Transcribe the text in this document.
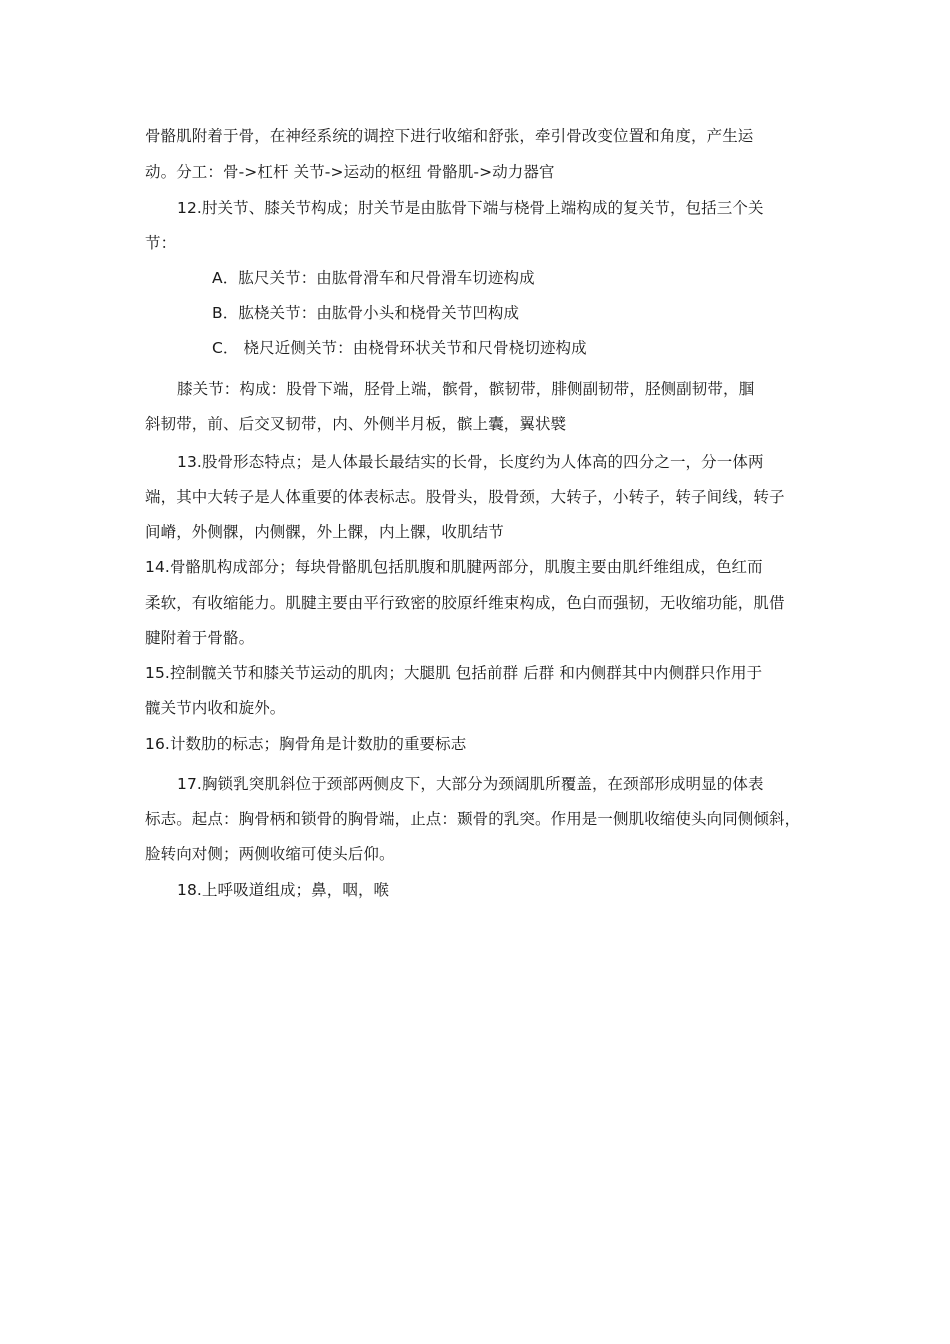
骨骼肌附着于骨，在神经系统的调控下进行收缩和舒张，牵引骨改变位置和角度，产生运
动。分工：骨->杠杆 关节->运动的枢纽 骨骼肌->动力器官
12.肘关节、膝关节构成；肘关节是由肱骨下端与桡骨上端构成的复关节，包括三个关
节：
A．肱尺关节：由肱骨滑车和尺骨滑车切迹构成
B．肱桡关节：由肱骨小头和桡骨关节凹构成
C． 桡尺近侧关节：由桡骨环状关节和尺骨桡切迹构成
膝关节：构成：股骨下端，胫骨上端，髌骨，髌韧带，腓侧副韧带，胫侧副韧带，腘
斜韧带，前、后交叉韧带，内、外侧半月板，髌上囊，翼状襞
13.股骨形态特点；是人体最长最结实的长骨，长度约为人体高的四分之一，分一体两
端，其中大转子是人体重要的体表标志。股骨头，股骨颈，大转子，小转子，转子间线，转子
间嵴，外侧髁，内侧髁，外上髁，内上髁，收肌结节
14.骨骼肌构成部分；每块骨骼肌包括肌腹和肌腱两部分，肌腹主要由肌纤维组成，色红而
柔软，有收缩能力。肌腱主要由平行致密的胶原纤维束构成，色白而强韧，无收缩功能，肌借
腱附着于骨骼。
15.控制髋关节和膝关节运动的肌肉；大腿肌 包括前群 后群 和内侧群其中内侧群只作用于
髋关节内收和旋外。
16.计数肋的标志；胸骨角是计数肋的重要标志
17.胸锁乳突肌斜位于颈部两侧皮下，大部分为颈阔肌所覆盖，在颈部形成明显的体表
标志。起点：胸骨柄和锁骨的胸骨端，止点：颞骨的乳突。作用是一侧肌收缩使头向同侧倾斜，
脸转向对侧；两侧收缩可使头后仰。
18.上呼吸道组成；鼻，咽，喉
